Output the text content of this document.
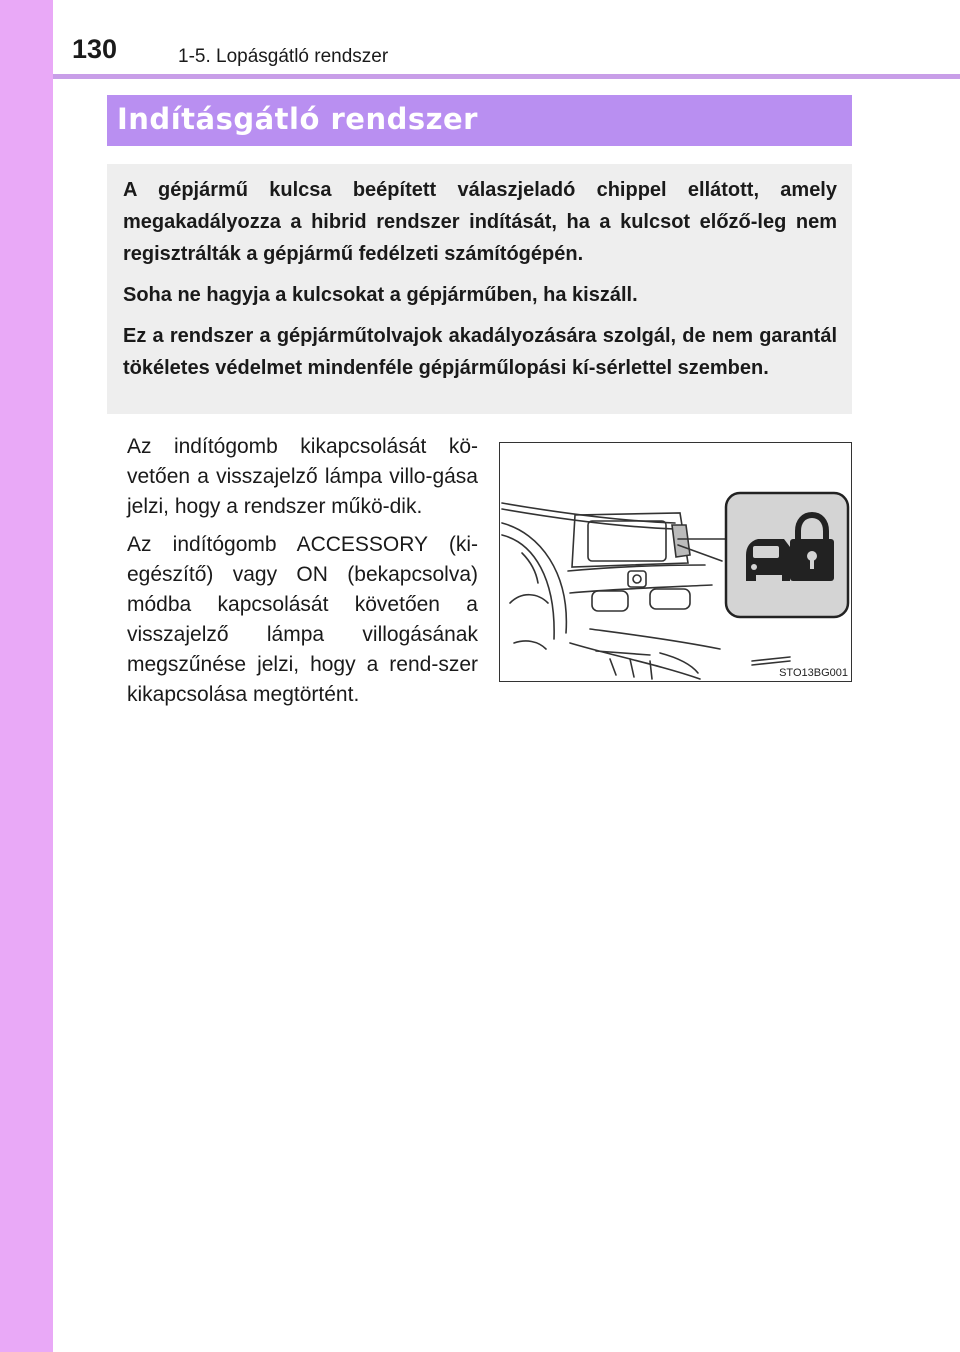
130	1-5. Lopásgátló rendszer
Indításgátló rendszer

A gépjármű kulcsa beépített válaszjeladó chippel ellátott, amely megakadályozza a hibrid rendszer indítását, ha a kulcsot előző-leg nem regisztrálták a gépjármű fedélzeti számítógépén.

Soha ne hagyja a kulcsokat a gépjárműben, ha kiszáll.

Ez a rendszer a gépjárműtolvajok akadályozására szolgál, de nem garantál tökéletes védelmet mindenféle gépjárműlopási kí-sérlettel szemben.

Az indítógomb kikapcsolását kö-vetően a visszajelző lámpa villo-gása jelzi, hogy a rendszer műkö-dik.

Az indítógomb ACCESSORY (ki-egészítő) vagy ON (bekapcsolva) módba kapcsolását követően a visszajelző lámpa villogásának megszűnése jelzi, hogy a rend-szer kikapcsolása megtörtént.

STO13BG001
